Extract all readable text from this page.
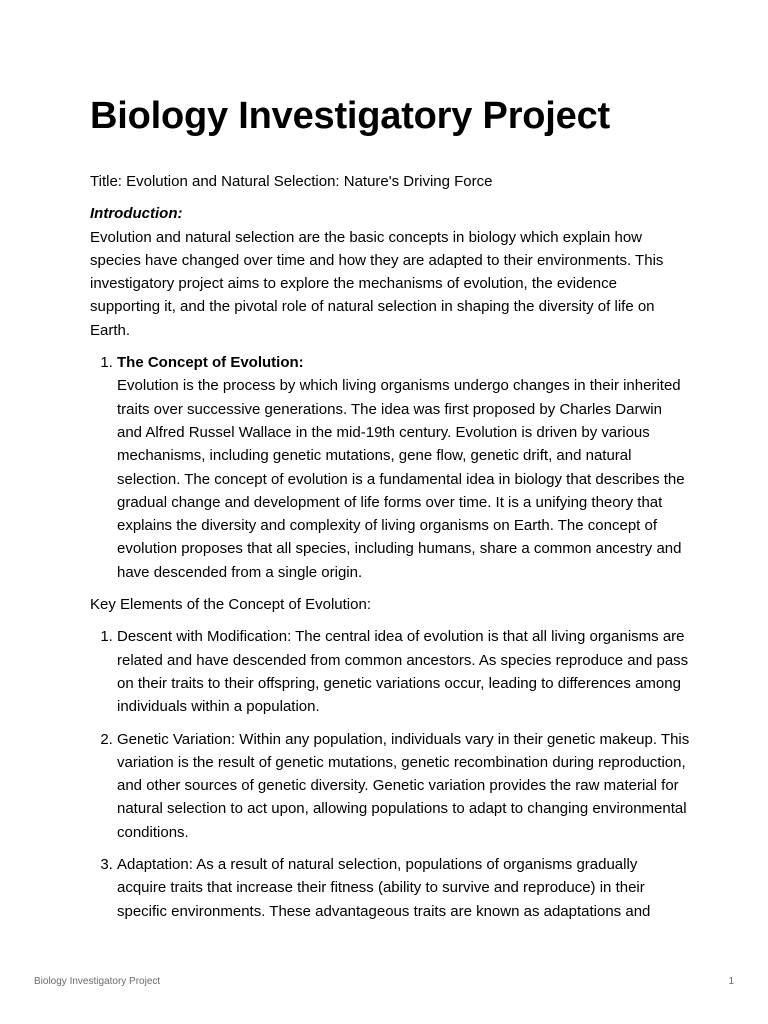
Biology Investigatory Project

Title: Evolution and Natural Selection: Nature's Driving Force

Introduction:

Evolution and natural selection are the basic concepts in biology which explain how species have changed over time and how they are adapted to their environments. This investigatory project aims to explore the mechanisms of evolution, the evidence supporting it, and the pivotal role of natural selection in shaping the diversity of life on Earth.

1. The Concept of Evolution:
Evolution is the process by which living organisms undergo changes in their inherited traits over successive generations. The idea was first proposed by Charles Darwin and Alfred Russel Wallace in the mid-19th century. Evolution is driven by various mechanisms, including genetic mutations, gene flow, genetic drift, and natural selection. The concept of evolution is a fundamental idea in biology that describes the gradual change and development of life forms over time. It is a unifying theory that explains the diversity and complexity of living organisms on Earth. The concept of evolution proposes that all species, including humans, share a common ancestry and have descended from a single origin.

Key Elements of the Concept of Evolution:

1. Descent with Modification: The central idea of evolution is that all living organisms are related and have descended from common ancestors. As species reproduce and pass on their traits to their offspring, genetic variations occur, leading to differences among individuals within a population.
2. Genetic Variation: Within any population, individuals vary in their genetic makeup. This variation is the result of genetic mutations, genetic recombination during reproduction, and other sources of genetic diversity. Genetic variation provides the raw material for natural selection to act upon, allowing populations to adapt to changing environmental conditions.
3. Adaptation: As a result of natural selection, populations of organisms gradually acquire traits that increase their fitness (ability to survive and reproduce) in their specific environments. These advantageous traits are known as adaptations and
Biology Investigatory Project	1
